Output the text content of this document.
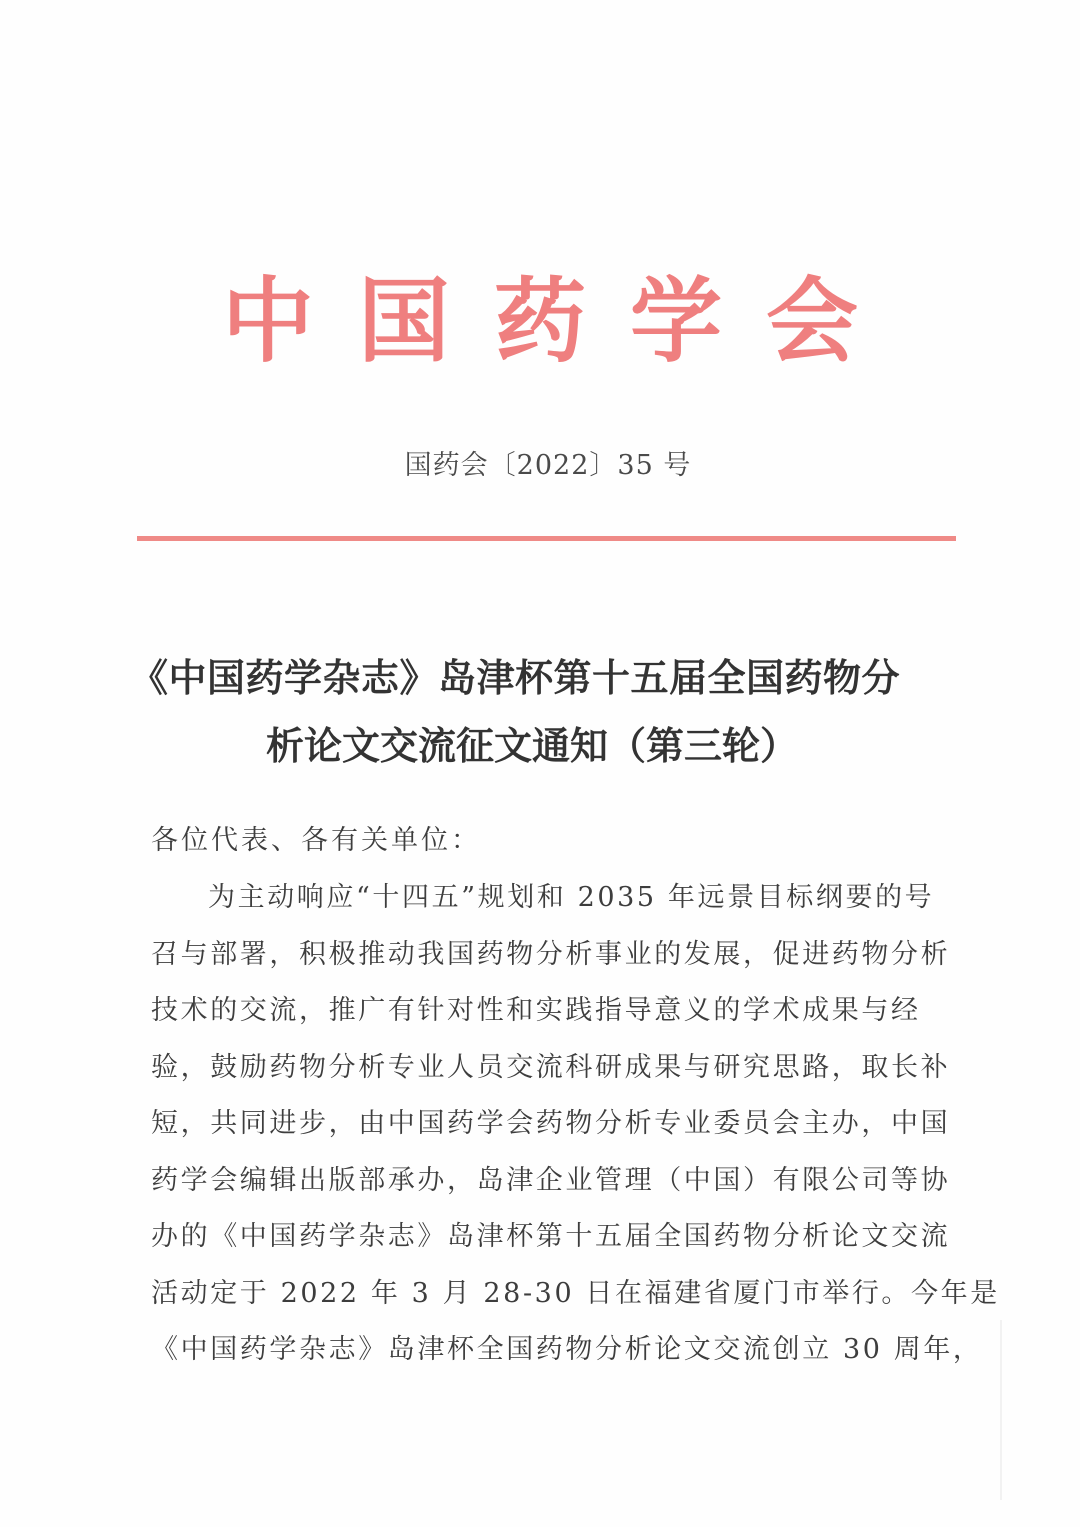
中国药学会
国药会〔2022〕35 号
《中国药学杂志》岛津杯第十五届全国药物分
析论文交流征文通知（第三轮）
各位代表、各有关单位：
为主动响应“十四五”规划和 2035 年远景目标纲要的号
召与部署，积极推动我国药物分析事业的发展，促进药物分析
技术的交流，推广有针对性和实践指导意义的学术成果与经
验，鼓励药物分析专业人员交流科研成果与研究思路，取长补
短，共同进步，由中国药学会药物分析专业委员会主办，中国
药学会编辑出版部承办，岛津企业管理（中国）有限公司等协
办的《中国药学杂志》岛津杯第十五届全国药物分析论文交流
活动定于 2022 年 3 月 28-30 日在福建省厦门市举行。今年是
《中国药学杂志》岛津杯全国药物分析论文交流创立 30 周年，
